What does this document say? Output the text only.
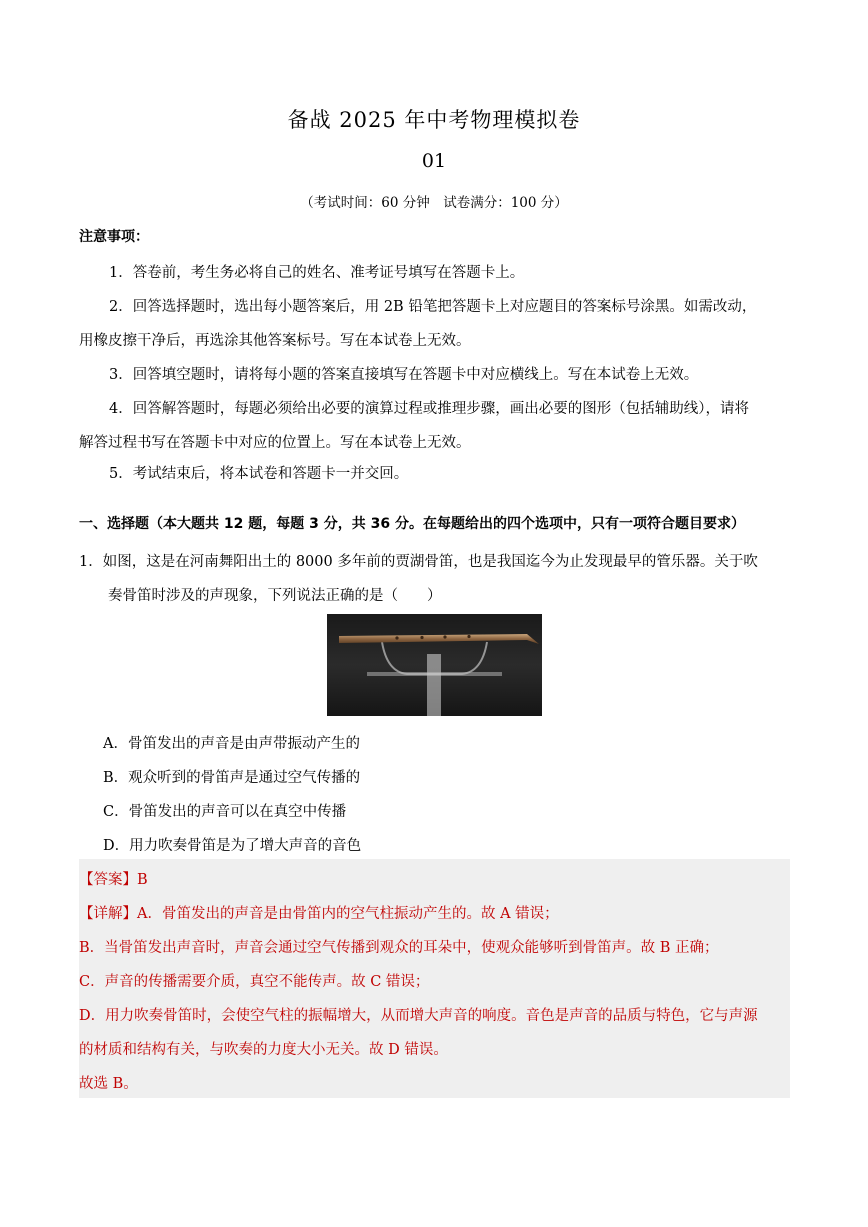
备战 2025 年中考物理模拟卷
01
（考试时间：60 分钟　试卷满分：100 分）
注意事项：
1．答卷前，考生务必将自己的姓名、准考证号填写在答题卡上。
2．回答选择题时，选出每小题答案后，用 2B 铅笔把答题卡上对应题目的答案标号涂黑。如需改动，
用橡皮擦干净后，再选涂其他答案标号。写在本试卷上无效。
3．回答填空题时，请将每小题的答案直接填写在答题卡中对应横线上。写在本试卷上无效。
4．回答解答题时，每题必须给出必要的演算过程或推理步骤，画出必要的图形（包括辅助线），请将
解答过程书写在答题卡中对应的位置上。写在本试卷上无效。
5．考试结束后，将本试卷和答题卡一并交回。
一、选择题（本大题共 12 题，每题 3 分，共 36 分。在每题给出的四个选项中，只有一项符合题目要求）
1．如图，这是在河南舞阳出土的 8000 多年前的贾湖骨笛，也是我国迄今为止发现最早的管乐器。关于吹
奏骨笛时涉及的声现象，下列说法正确的是（　　）
A．骨笛发出的声音是由声带振动产生的
B．观众听到的骨笛声是通过空气传播的
C．骨笛发出的声音可以在真空中传播
D．用力吹奏骨笛是为了增大声音的音色
【答案】B
【详解】A．骨笛发出的声音是由骨笛内的空气柱振动产生的。故 A 错误；
B．当骨笛发出声音时，声音会通过空气传播到观众的耳朵中，使观众能够听到骨笛声。故 B 正确；
C．声音的传播需要介质，真空不能传声。故 C 错误；
D．用力吹奏骨笛时，会使空气柱的振幅增大，从而增大声音的响度。音色是声音的品质与特色，它与声源
的材质和结构有关，与吹奏的力度大小无关。故 D 错误。
故选 B。
